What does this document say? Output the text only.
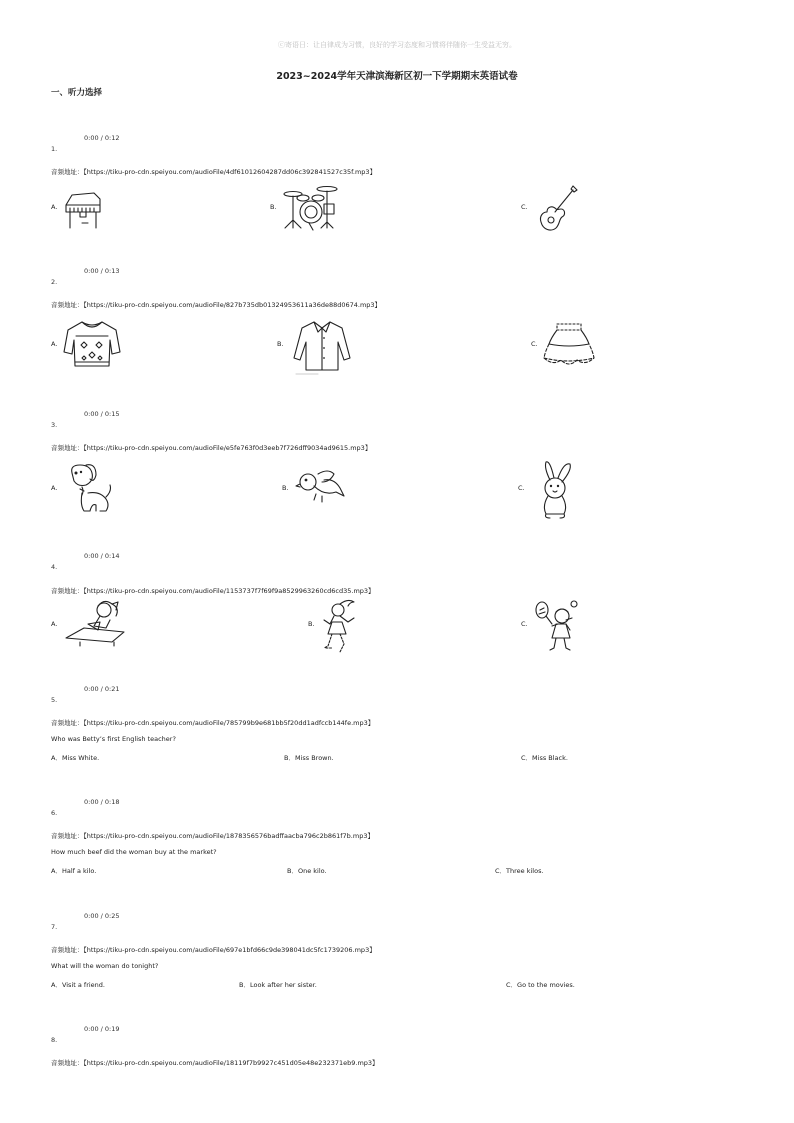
ⓒ寄语日：让自律成为习惯，良好的学习态度和习惯将伴随你一生受益无穷。
2023~2024学年天津滨海新区初一下学期期末英语试卷
一、听力选择
0:00 / 0:12
1.
音频地址：【https://tiku-pro-cdn.speiyou.com/audioFile/4df61012604287dd06c392841527c35f.mp3】
A.	B.	C.
0:00 / 0:13
2.
音频地址：【https://tiku-pro-cdn.speiyou.com/audioFile/827b735db01324953611a36de88d0674.mp3】
A.	B.	C.
0:00 / 0:15
3.
音频地址：【https://tiku-pro-cdn.speiyou.com/audioFile/e5fe763f0d3eeb7f726dff9034ad9615.mp3】
A.	B.	C.
0:00 / 0:14
4.
音频地址：【https://tiku-pro-cdn.speiyou.com/audioFile/1153737f7f69f9a8529963260cd6cd35.mp3】
A.	B.	C.
0:00 / 0:21
5.
音频地址：【https://tiku-pro-cdn.speiyou.com/audioFile/785799b9e681bb5f20dd1adfccb144fe.mp3】
Who was Betty’s first English teacher?
A．Miss White.	B．Miss Brown.	C．Miss Black.
0:00 / 0:18
6.
音频地址：【https://tiku-pro-cdn.speiyou.com/audioFile/1878356576badffaacba796c2b861f7b.mp3】
How much beef did the woman buy at the market?
A．Half a kilo.	B．One kilo.	C．Three kilos.
0:00 / 0:25
7.
音频地址：【https://tiku-pro-cdn.speiyou.com/audioFile/697e1bfd66c9de398041dc5fc1739206.mp3】
What will the woman do tonight?
A．Visit a friend.	B．Look after her sister.	C．Go to the movies.
0:00 / 0:19
8.
音频地址：【https://tiku-pro-cdn.speiyou.com/audioFile/18119f7b9927c451d05e48e232371eb9.mp3】
